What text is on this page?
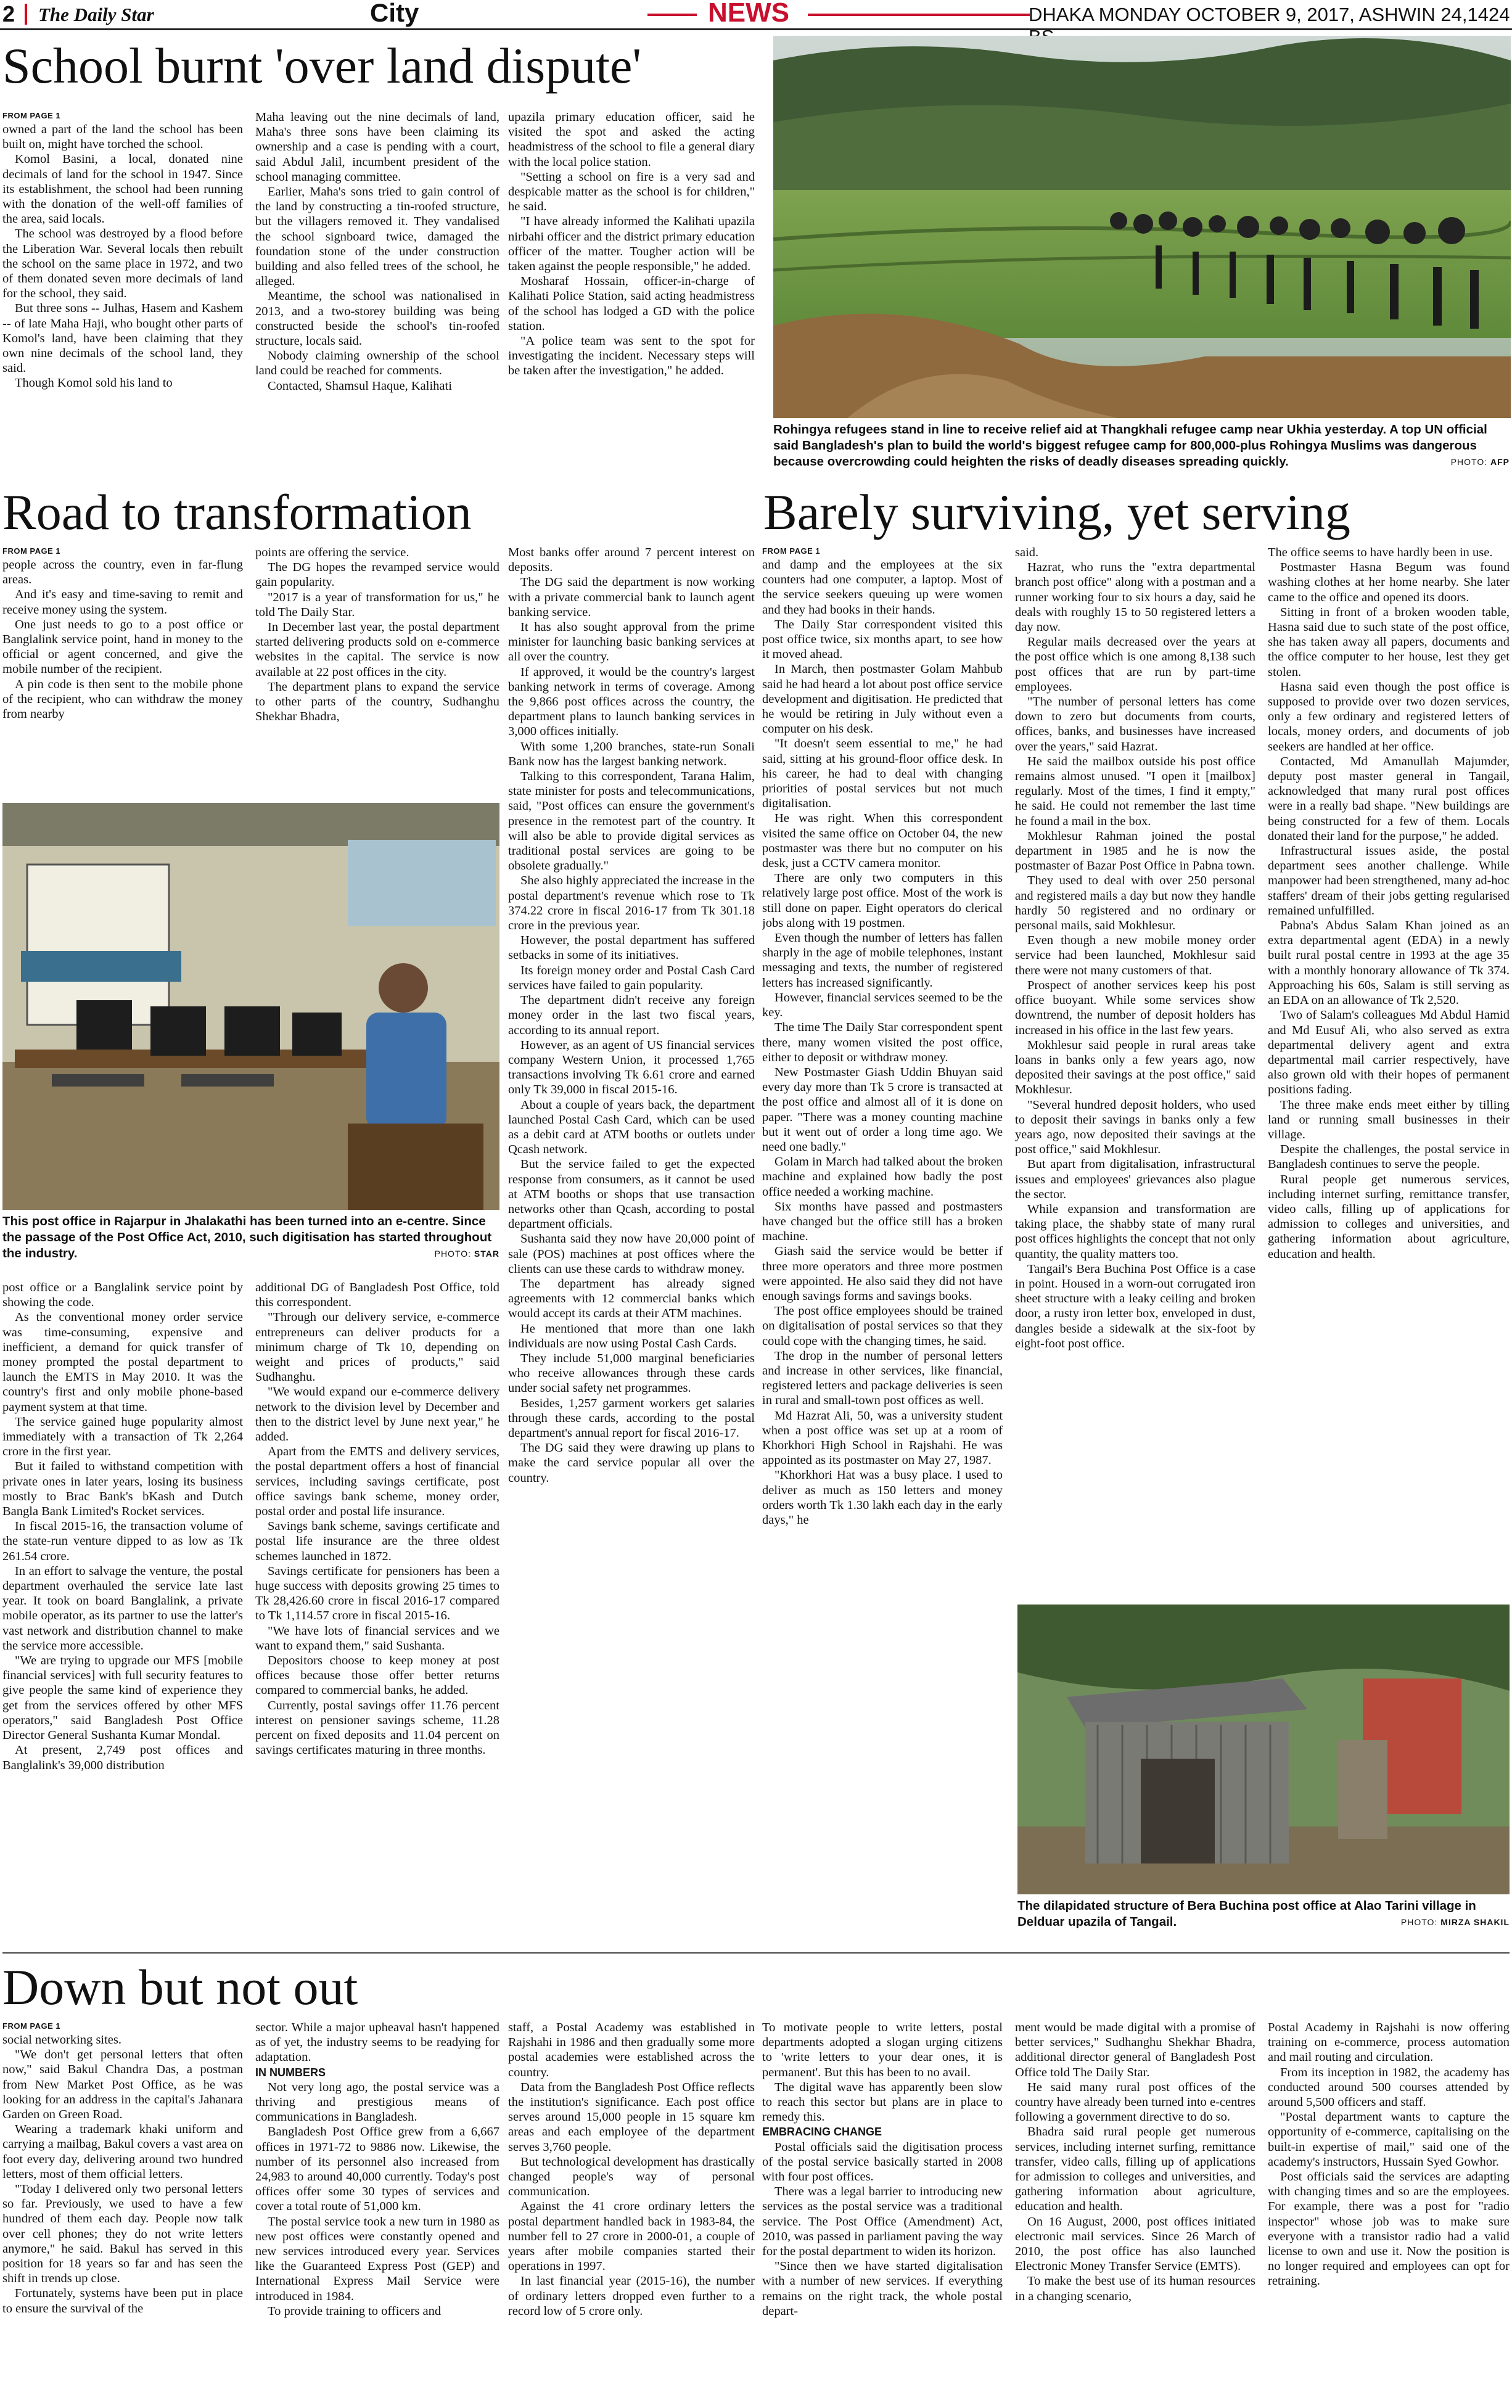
2 The Daily Star	City	NEWS	DHAKA MONDAY OCTOBER 9, 2017, ASHWIN 24,1424
School burnt 'over land dispute'
FROM PAGE 1

owned a part of the land the school has been built on, might have torched the school.

Komol Basini, a local, donated nine decimals of land for the school in 1947. Since its establishment, the school had been running with the donation of the well-off families of the area, said locals.

The school was destroyed by a flood before the Liberation War. Several locals then rebuilt the school on the same place in 1972, and two of them donated seven more decimals of land for the school, they said.

But three sons -- Julhas, Hasem and Kashem -- of late Maha Haji, who bought other parts of Komol's land, have been claiming that they own nine decimals of the school land, they said.

Though Komol sold his land to

Maha leaving out the nine decimals of land, Maha's three sons have been claiming its ownership and a case is pending with a court, said Abdul Jalil, incumbent president of the school managing committee.

Earlier, Maha's sons tried to gain control of the land by constructing a tin-roofed structure, but the villagers removed it. They vandalised the school signboard twice, damaged the foundation stone of the under construction building and also felled trees of the school, he alleged.

Meantime, the school was nationalised in 2013, and a two-storey building was being constructed beside the school's tin-roofed structure, locals said.

Nobody claiming ownership of the school land could be reached for comments.

Contacted, Shamsul Haque, Kalihati

upazila primary education officer, said he visited the spot and asked the acting headmistress of the school to file a general diary with the local police station.

"Setting a school on fire is a very sad and despicable matter as the school is for children," he said.

"I have already informed the Kalihati upazila nirbahi officer and the district primary education officer of the matter. Tougher action will be taken against the people responsible," he added.

Mosharaf Hossain, officer-in-charge of Kalihati Police Station, said acting headmistress of the school has lodged a GD with the police station.

"A police team was sent to the spot for investigating the incident. Necessary steps will be taken after the investigation," he added.

Rohingya refugees stand in line to receive relief aid at Thangkhali refugee camp near Ukhia yesterday. A top UN official said Bangladesh's plan to build the world's biggest refugee camp for 800,000-plus Rohingya Muslims was dangerous because overcrowding could heighten the risks of deadly diseases spreading quickly.	PHOTO: AFP
Road to transformation
FROM PAGE 1

people across the country, even in far-flung areas.

And it's easy and time-saving to remit and receive money using the system.

One just needs to go to a post office or Banglalink service point, hand in money to the official or agent concerned, and give the mobile number of the recipient.

A pin code is then sent to the mobile phone of the recipient, who can withdraw the money from nearby

points are offering the service.

The DG hopes the revamped service would gain popularity.

"2017 is a year of transformation for us," he told The Daily Star.

In December last year, the postal department started delivering products sold on e-commerce websites in the capital. The service is now available at 22 post offices in the city.

The department plans to expand the service to other parts of the country, Sudhanghu Shekhar Bhadra,

This post office in Rajarpur in Jhalakathi has been turned into an e-centre. Since the passage of the Post Office Act, 2010, such digitisation has started throughout the industry.	PHOTO: STAR

post office or a Banglalink service point by showing the code.

As the conventional money order service was time-consuming, expensive and inefficient, a demand for quick transfer of money prompted the postal department to launch the EMTS in May 2010. It was the country's first and only mobile phone-based payment system at that time.

The service gained huge popularity almost immediately with a transaction of Tk 2,264 crore in the first year.

But it failed to withstand competition with private ones in later years, losing its business mostly to Brac Bank's bKash and Dutch Bangla Bank Limited's Rocket services.

In fiscal 2015-16, the transaction volume of the state-run venture dipped to as low as Tk 261.54 crore.

In an effort to salvage the venture, the postal department overhauled the service late last year. It took on board Banglalink, a private mobile operator, as its partner to use the latter's vast network and distribution channel to make the service more accessible.

"We are trying to upgrade our MFS [mobile financial services] with full security features to give people the same kind of experience they get from the services offered by other MFS operators," said Bangladesh Post Office Director General Sushanta Kumar Mondal.

At present, 2,749 post offices and Banglalink's 39,000 distribution

additional DG of Bangladesh Post Office, told this correspondent.

"Through our delivery service, e-commerce entrepreneurs can deliver products for a minimum charge of Tk 10, depending on weight and prices of products," said Sudhanghu.

"We would expand our e-commerce delivery network to the division level by December and then to the district level by June next year," he added.

Apart from the EMTS and delivery services, the postal department offers a host of financial services, including savings certificate, post office savings bank scheme, money order, postal order and postal life insurance.

Savings bank scheme, savings certificate and postal life insurance are the three oldest schemes launched in 1872.

Savings certificate for pensioners has been a huge success with deposits growing 25 times to Tk 28,426.60 crore in fiscal 2016-17 compared to Tk 1,114.57 crore in fiscal 2015-16.

"We have lots of financial services and we want to expand them," said Sushanta.

Depositors choose to keep money at post offices because those offer better returns compared to commercial banks, he added.

Currently, postal savings offer 11.76 percent interest on pensioner savings scheme, 11.28 percent on fixed deposits and 11.04 percent on savings certificates maturing in three months.

Most banks offer around 7 percent interest on deposits.

The DG said the department is now working with a private commercial bank to launch agent banking service.

It has also sought approval from the prime minister for launching basic banking services at all over the country.

If approved, it would be the country's largest banking network in terms of coverage. Among the 9,866 post offices across the country, the department plans to launch banking services in 3,000 offices initially.

With some 1,200 branches, state-run Sonali Bank now has the largest banking network.

Talking to this correspondent, Tarana Halim, state minister for posts and telecommunications, said, "Post offices can ensure the government's presence in the remotest part of the country. It will also be able to provide digital services as traditional postal services are going to be obsolete gradually."

She also highly appreciated the increase in the postal department's revenue which rose to Tk 374.22 crore in fiscal 2016-17 from Tk 301.18 crore in the previous year.

However, the postal department has suffered setbacks in some of its initiatives.

Its foreign money order and Postal Cash Card services have failed to gain popularity.

The department didn't receive any foreign money order in the last two fiscal years, according to its annual report.

However, as an agent of US financial services company Western Union, it processed 1,765 transactions involving Tk 6.61 crore and earned only Tk 39,000 in fiscal 2015-16.

About a couple of years back, the department launched Postal Cash Card, which can be used as a debit card at ATM booths or outlets under Qcash network.

But the service failed to get the expected response from consumers, as it cannot be used at ATM booths or shops that use transaction networks other than Qcash, according to postal department officials.

Sushanta said they now have 20,000 point of sale (POS) machines at post offices where the clients can use these cards to withdraw money.

The department has already signed agreements with 12 commercial banks which would accept its cards at their ATM machines.

He mentioned that more than one lakh individuals are now using Postal Cash Cards.

They include 51,000 marginal beneficiaries who receive allowances through these cards under social safety net programmes.

Besides, 1,257 garment workers get salaries through these cards, according to the postal department's annual report for fiscal 2016-17.

The DG said they were drawing up plans to make the card service popular all over the country.

Barely surviving, yet serving
FROM PAGE 1

and damp and the employees at the six counters had one computer, a laptop. Most of the service seekers queuing up were women and they had books in their hands.

The Daily Star correspondent visited this post office twice, six months apart, to see how it moved ahead.

In March, then postmaster Golam Mahbub said he had heard a lot about post office service development and digitisation. He predicted that he would be retiring in July without even a computer on his desk.

"It doesn't seem essential to me," he had said, sitting at his ground-floor office desk. In his career, he had to deal with changing priorities of postal services but not much digitalisation.

He was right. When this correspondent visited the same office on October 04, the new postmaster was there but no computer on his desk, just a CCTV camera monitor.

There are only two computers in this relatively large post office. Most of the work is still done on paper. Eight operators do clerical jobs along with 19 postmen.

Even though the number of letters has fallen sharply in the age of mobile telephones, instant messaging and texts, the number of registered letters has increased significantly.

However, financial services seemed to be the key.

The time The Daily Star correspondent spent there, many women visited the post office, either to deposit or withdraw money.

New Postmaster Giash Uddin Bhuyan said every day more than Tk 5 crore is transacted at the post office and almost all of it is done on paper. "There was a money counting machine but it went out of order a long time ago. We need one badly."

Golam in March had talked about the broken machine and explained how badly the post office needed a working machine.

Six months have passed and postmasters have changed but the office still has a broken machine.

Giash said the service would be better if three more operators and three more postmen were appointed. He also said they did not have enough savings forms and savings books.

The post office employees should be trained on digitalisation of postal services so that they could cope with the changing times, he said.

The drop in the number of personal letters and increase in other services, like financial, registered letters and package deliveries is seen in rural and small-town post offices as well.

Md Hazrat Ali, 50, was a university student when a post office was set up at a room of Khorkhori High School in Rajshahi. He was appointed as its postmaster on May 27, 1987.

"Khorkhori Hat was a busy place. I used to deliver as much as 150 letters and money orders worth Tk 1.30 lakh each day in the early days," he

said.

Hazrat, who runs the "extra departmental branch post office" along with a postman and a runner working four to six hours a day, said he deals with roughly 15 to 50 registered letters a day now.

Regular mails decreased over the years at the post office which is one among 8,138 such post offices that are run by part-time employees.

"The number of personal letters has come down to zero but documents from courts, offices, banks, and businesses have increased over the years," said Hazrat.

He said the mailbox outside his post office remains almost unused. "I open it [mailbox] regularly. Most of the times, I find it empty," he said. He could not remember the last time he found a mail in the box.

Mokhlesur Rahman joined the postal department in 1985 and he is now the postmaster of Bazar Post Office in Pabna town.

They used to deal with over 250 personal and registered mails a day but now they handle hardly 50 registered and no ordinary or personal mails, said Mokhlesur.

Even though a new mobile money order service had been launched, Mokhlesur said there were not many customers of that.

Prospect of another services keep his post office buoyant. While some services show downtrend, the number of deposit holders has increased in his office in the last few years.

Mokhlesur said people in rural areas take loans in banks only a few years ago, now deposited their savings at the post office," said Mokhlesur.

"Several hundred deposit holders, who used to deposit their savings in banks only a few years ago, now deposited their savings at the post office," said Mokhlesur.

But apart from digitalisation, infrastructural issues and employees' grievances also plague the sector.

While expansion and transformation are taking place, the shabby state of many rural post offices highlights the concept that not only quantity, the quality matters too.

Tangail's Bera Buchina Post Office is a case in point. Housed in a worn-out corrugated iron sheet structure with a leaky ceiling and broken door, a rusty iron letter box, enveloped in dust, dangles beside a sidewalk at the six-foot by eight-foot post office.

The office seems to have hardly been in use.

Postmaster Hasna Begum was found washing clothes at her home nearby. She later came to the office and opened its doors.

Sitting in front of a broken wooden table, Hasna said due to such state of the post office, she has taken away all papers, documents and the office computer to her house, lest they get stolen.

Hasna said even though the post office is supposed to provide over two dozen services, only a few ordinary and registered letters of locals, money orders, and documents of job seekers are handled at her office.

Contacted, Md Amanullah Majumder, deputy post master general in Tangail, acknowledged that many rural post offices were in a really bad shape. "New buildings are being constructed for a few of them. Locals donated their land for the purpose," he added.

Infrastructural issues aside, the postal department sees another challenge. While manpower had been strengthened, many ad-hoc staffers' dream of their jobs getting regularised remained unfulfilled.

Pabna's Abdus Salam Khan joined as an extra departmental agent (EDA) in a newly built rural postal centre in 1993 at the age 35 with a monthly honorary allowance of Tk 374. Approaching his 60s, Salam is still serving as an EDA on an allowance of Tk 2,520.

Two of Salam's colleagues Md Abdul Hamid and Md Eusuf Ali, who also served as extra departmental delivery agent and extra departmental mail carrier respectively, have also grown old with their hopes of permanent positions fading.

The three make ends meet either by tilling land or running small businesses in their village.

Despite the challenges, the postal service in Bangladesh continues to serve the people.

Rural people get numerous services, including internet surfing, remittance transfer, video calls, filling up of applications for admission to colleges and universities, and gathering information about agriculture, education and health.

The dilapidated structure of Bera Buchina post office at Alao Tarini village in Delduar upazila of Tangail.	PHOTO: MIRZA SHAKIL
Down but not out
FROM PAGE 1

social networking sites.

"We don't get personal letters that often now," said Bakul Chandra Das, a postman from New Market Post Office, as he was looking for an address in the capital's Jahanara Garden on Green Road.

Wearing a trademark khaki uniform and carrying a mailbag, Bakul covers a vast area on foot every day, delivering around two hundred letters, most of them official letters.

"Today I delivered only two personal letters so far. Previously, we used to have a few hundred of them each day. People now talk over cell phones; they do not write letters anymore," he said. Bakul has served in this position for 18 years so far and has seen the shift in trends up close.

Fortunately, systems have been put in place to ensure the survival of the

sector. While a major upheaval hasn't happened as of yet, the industry seems to be readying for adaptation.

IN NUMBERS

Not very long ago, the postal service was a thriving and prestigious means of communications in Bangladesh.

Bangladesh Post Office grew from a 6,667 offices in 1971-72 to 9886 now. Likewise, the number of its personnel also increased from 24,983 to around 40,000 currently. Today's post offices offer some 30 types of services and cover a total route of 51,000 km.

The postal service took a new turn in 1980 as new post offices were constantly opened and new services introduced every year. Services like the Guaranteed Express Post (GEP) and International Express Mail Service were introduced in 1984.

To provide training to officers and

staff, a Postal Academy was established in Rajshahi in 1986 and then gradually some more postal academies were established across the country.

Data from the Bangladesh Post Office reflects the institution's significance. Each post office serves around 15,000 people in 15 square km areas and each employee of the department serves 3,760 people.

But technological development has drastically changed people's way of personal communication.

Against the 41 crore ordinary letters the postal department handled back in 1983-84, the number fell to 27 crore in 2000-01, a couple of years after mobile companies started their operations in 1997.

In last financial year (2015-16), the number of ordinary letters dropped even further to a record low of 5 crore only.

To motivate people to write letters, postal departments adopted a slogan urging citizens to 'write letters to your dear ones, it is permanent'. But this has been to no avail.

The digital wave has apparently been slow to reach this sector but plans are in place to remedy this.

EMBRACING CHANGE

Postal officials said the digitisation process of the postal service basically started in 2008 with four post offices.

There was a legal barrier to introducing new services as the postal service was a traditional service. The Post Office (Amendment) Act, 2010, was passed in parliament paving the way for the postal department to widen its horizon.

"Since then we have started digitalisation with a number of new services. If everything remains on the right track, the whole postal depart-

ment would be made digital with a promise of better services," Sudhanghu Shekhar Bhadra, additional director general of Bangladesh Post Office told The Daily Star.

He said many rural post offices of the country have already been turned into e-centres following a government directive to do so.

Bhadra said rural people get numerous services, including internet surfing, remittance transfer, video calls, filling up of applications for admission to colleges and universities, and gathering information about agriculture, education and health.

On 16 August, 2000, post offices initiated electronic mail services. Since 26 March of 2010, the post office has also launched Electronic Money Transfer Service (EMTS).

To make the best use of its human resources in a changing scenario,

Postal Academy in Rajshahi is now offering training on e-commerce, process automation and mail routing and circulation.

From its inception in 1982, the academy has conducted around 500 courses attended by around 5,500 officers and staff.

"Postal department wants to capture the opportunity of e-commerce, capitalising on the built-in expertise of mail," said one of the academy's instructors, Hussain Syed Gowhor.

Post officials said the services are adapting with changing times and so are the employees. For example, there was a post for "radio inspector" whose job was to make sure everyone with a transistor radio had a valid license to own and use it. Now the position is no longer required and employees can opt for retraining.
